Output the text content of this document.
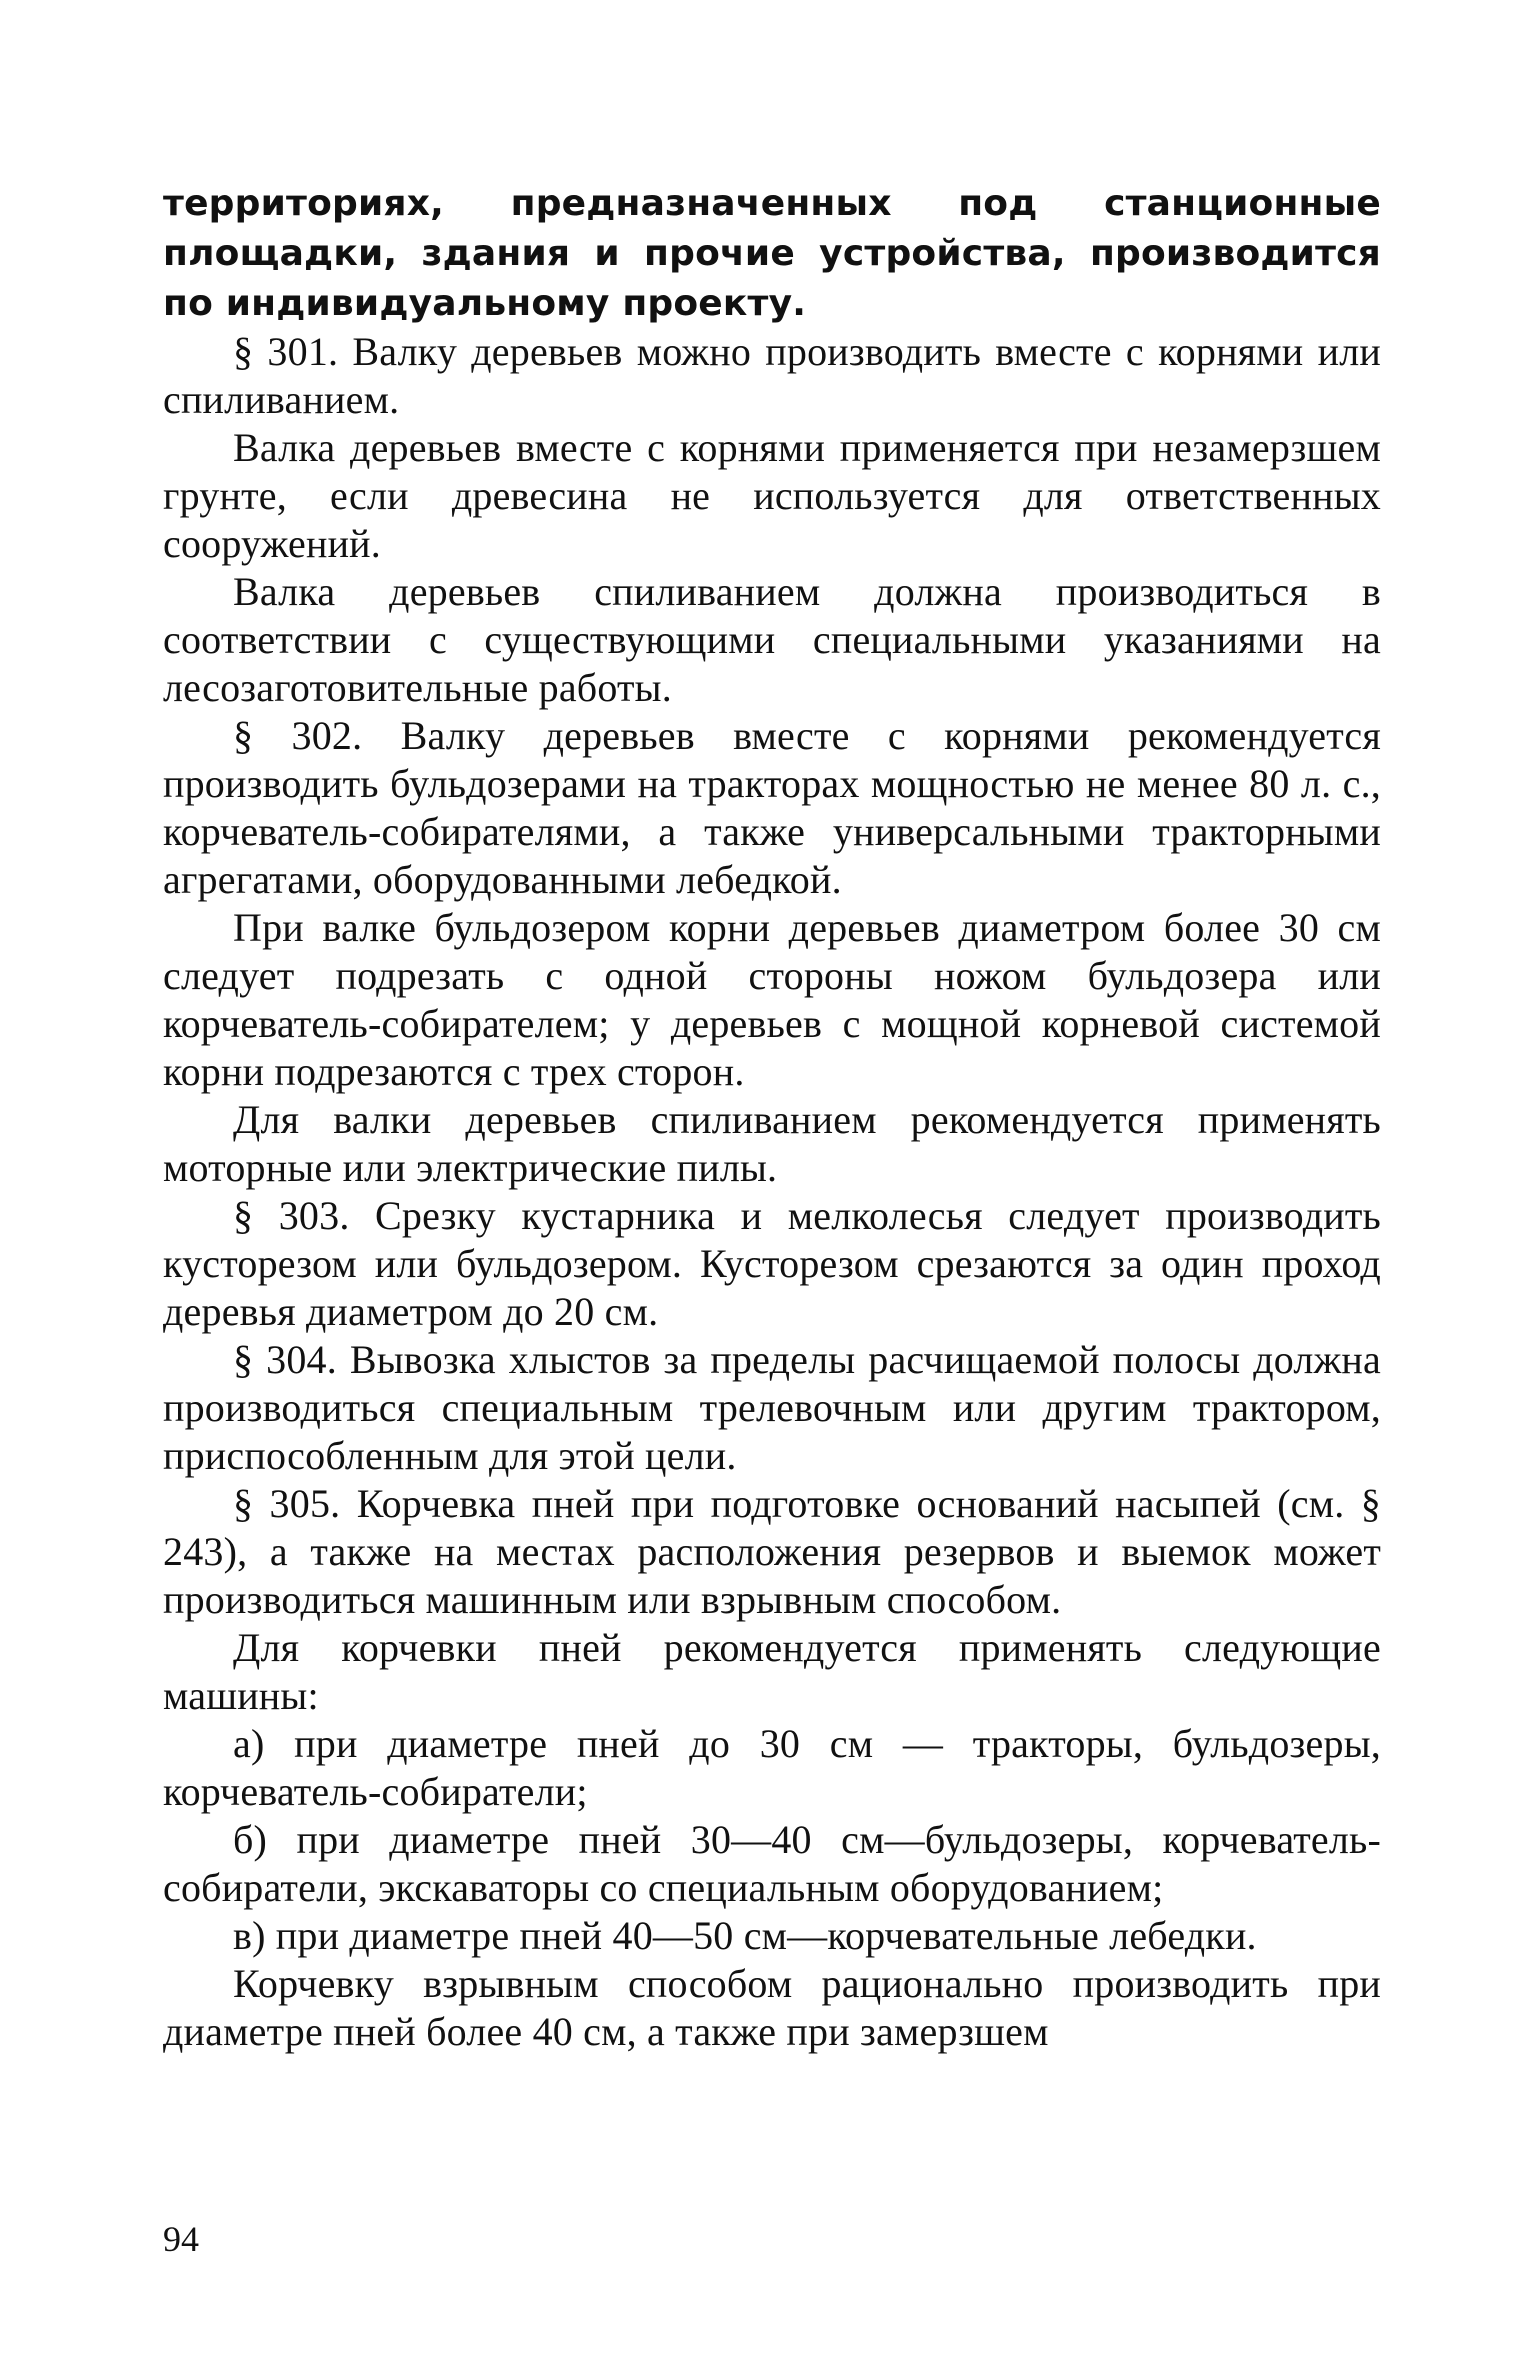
территориях, предназначенных под станционные площадки, здания и прочие устройства, производится по индивидуальному проекту.

§ 301. Валку деревьев можно производить вместе с корнями или спиливанием.

Валка деревьев вместе с корнями применяется при незамерзшем грунте, если древесина не используется для ответственных сооружений.

Валка деревьев спиливанием должна производиться в соответствии с существующими специальными указаниями на лесозаготовительные работы.

§ 302. Валку деревьев вместе с корнями рекомендуется производить бульдозерами на тракторах мощностью не менее 80 л. с., корчеватель-собирателями, а также универсальными тракторными агрегатами, оборудованными лебедкой.

При валке бульдозером корни деревьев диаметром более 30 см следует подрезать с одной стороны ножом бульдозера или корчеватель-собирателем; у деревьев с мощной корневой системой корни подрезаются с трех сторон.

Для валки деревьев спиливанием рекомендуется применять моторные или электрические пилы.

§ 303. Срезку кустарника и мелколесья следует производить кусторезом или бульдозером. Кусторезом срезаются за один проход деревья диаметром до 20 см.

§ 304. Вывозка хлыстов за пределы расчищаемой полосы должна производиться специальным трелевочным или другим трактором, приспособленным для этой цели.

§ 305. Корчевка пней при подготовке оснований насыпей (см. § 243), а также на местах расположения резервов и выемок может производиться машинным или взрывным способом.

Для корчевки пней рекомендуется применять следующие машины:

а) при диаметре пней до 30 см — тракторы, бульдозеры, корчеватель-собиратели;

б) при диаметре пней 30—40 см—бульдозеры, корчеватель-собиратели, экскаваторы со специальным оборудованием;

в) при диаметре пней 40—50 см—корчевательные лебедки.

Корчевку взрывным способом рационально производить при диаметре пней более 40 см, а также при замерзшем

94
